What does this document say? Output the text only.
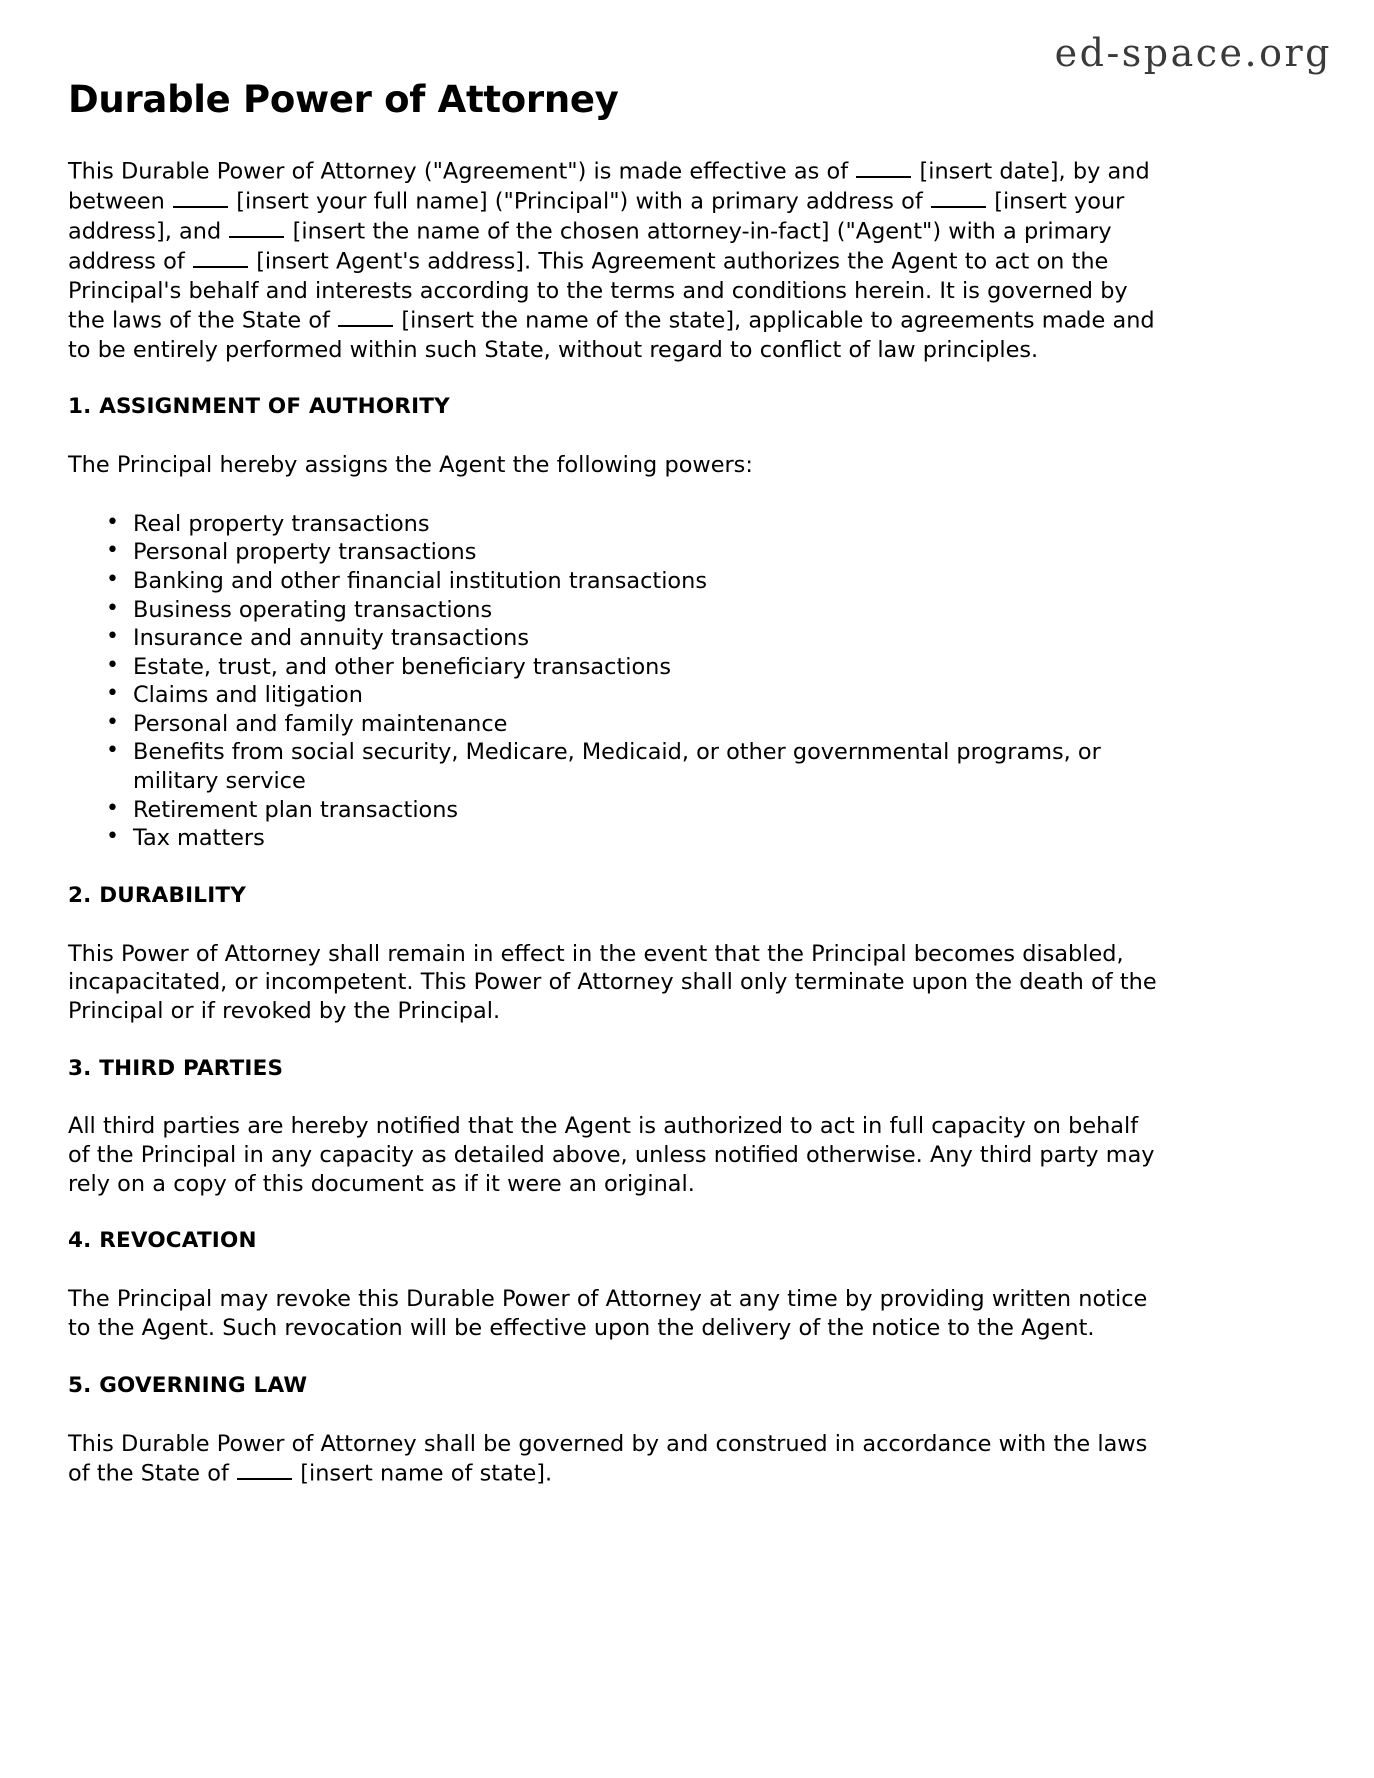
ed-space.org
Durable Power of Attorney

This Durable Power of Attorney ("Agreement") is made effective as of	[insert date], by and between	[insert your full name] ("Principal") with a primary address of	[insert your address], and	[insert the name of the chosen attorney-in-fact] ("Agent") with a primary address of	[insert Agent's address]. This Agreement authorizes the Agent to act on the Principal's behalf and interests according to the terms and conditions herein. It is governed by the laws of the State of	[insert the name of the state], applicable to agreements made and to be entirely performed within such State, without regard to conflict of law principles.

1. ASSIGNMENT OF AUTHORITY

The Principal hereby assigns the Agent the following powers:

• Real property transactions
• Personal property transactions
• Banking and other financial institution transactions
• Business operating transactions
• Insurance and annuity transactions
• Estate, trust, and other beneficiary transactions
• Claims and litigation
• Personal and family maintenance
• Benefits from social security, Medicare, Medicaid, or other governmental programs, or military service
• Retirement plan transactions
• Tax matters
2. DURABILITY

This Power of Attorney shall remain in effect in the event that the Principal becomes disabled, incapacitated, or incompetent. This Power of Attorney shall only terminate upon the death of the Principal or if revoked by the Principal.

3. THIRD PARTIES

All third parties are hereby notified that the Agent is authorized to act in full capacity on behalf of the Principal in any capacity as detailed above, unless notified otherwise. Any third party may rely on a copy of this document as if it were an original.

4. REVOCATION

The Principal may revoke this Durable Power of Attorney at any time by providing written notice to the Agent. Such revocation will be effective upon the delivery of the notice to the Agent.

5. GOVERNING LAW

This Durable Power of Attorney shall be governed by and construed in accordance with the laws of the State of	[insert name of state].
